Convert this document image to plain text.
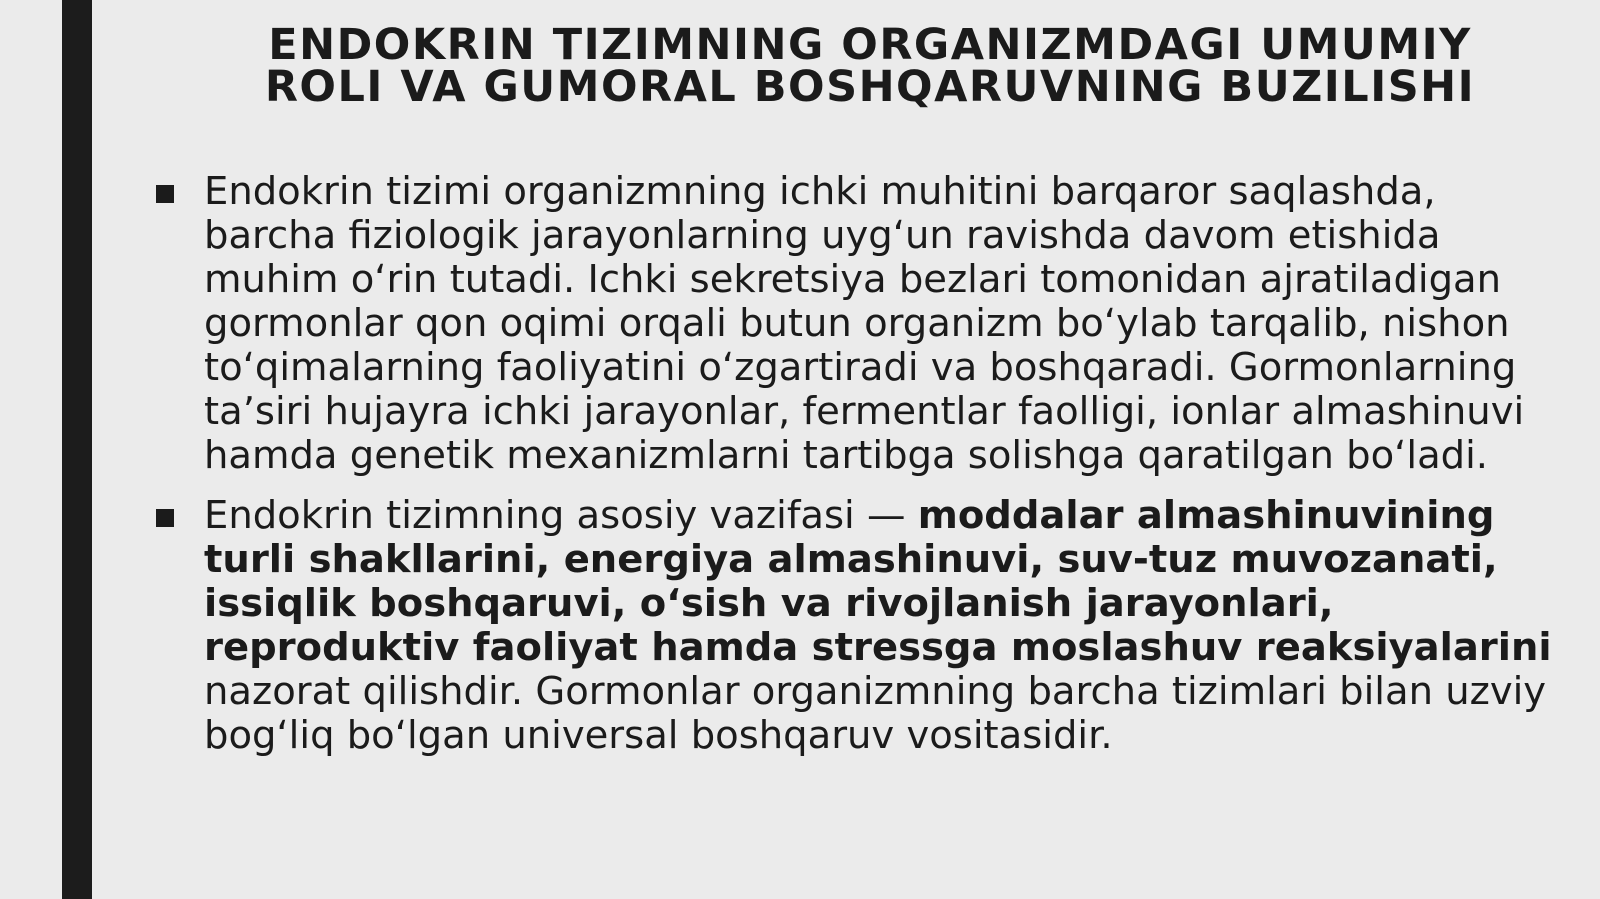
ENDOKRIN TIZIMNING ORGANIZMDAGI UMUMIY
ROLI VA GUMORAL BOSHQARUVNING BUZILISHI
Endokrin tizimi organizmning ichki muhitini barqaror saqlashda, barcha fiziologik jarayonlarning uygʻun ravishda davom etishida muhim oʻrin tutadi. Ichki sekretsiya bezlari tomonidan ajratiladigan gormonlar qon oqimi orqali butun organizm boʻylab tarqalib, nishon toʻqimalarning faoliyatini oʻzgartiradi va boshqaradi. Gormonlarning taʼsiri hujayra ichki jarayonlar, fermentlar faolligi, ionlar almashinuvi hamda genetik mexanizmlarni tartibga solishga qaratilgan boʻladi.
Endokrin tizimning asosiy vazifasi — moddalar almashinuvining turli shakllarini, energiya almashinuvi, suv-tuz muvozanati, issiqlik boshqaruvi, oʻsish va rivojlanish jarayonlari, reproduktiv faoliyat hamda stressga moslashuv reaksiyalarini nazorat qilishdir. Gormonlar organizmning barcha tizimlari bilan uzviy bogʻliq boʻlgan universal boshqaruv vositasidir.
